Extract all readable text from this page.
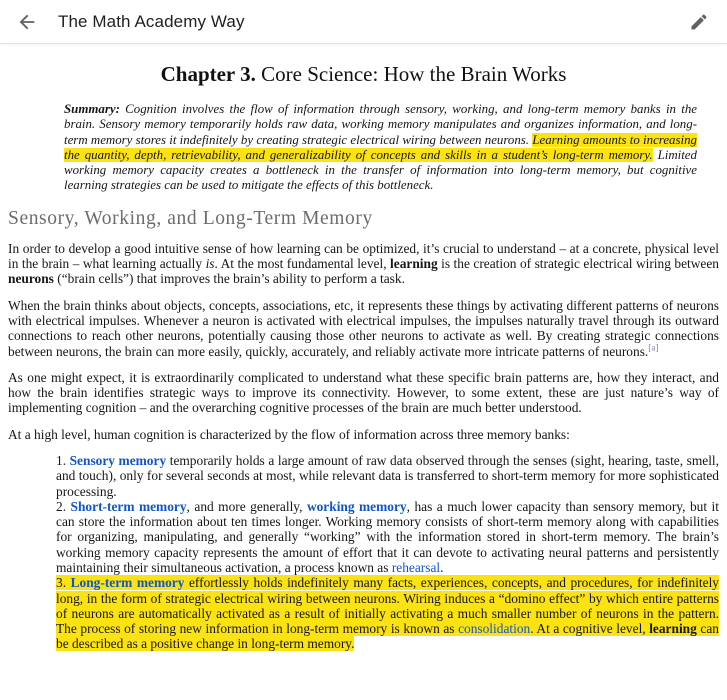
The Math Academy Way
Chapter 3. Core Science: How the Brain Works

Summary: Cognition involves the flow of information through sensory, working, and long-term memory banks in the brain. Sensory memory temporarily holds raw data, working memory manipulates and organizes information, and long-term memory stores it indefinitely by creating strategic electrical wiring between neurons. Learning amounts to increasing the quantity, depth, retrievability, and generalizability of concepts and skills in a student’s long-term memory. Limited working memory capacity creates a bottleneck in the transfer of information into long-term memory, but cognitive learning strategies can be used to mitigate the effects of this bottleneck.

Sensory, Working, and Long-Term Memory

In order to develop a good intuitive sense of how learning can be optimized, it’s crucial to understand – at a concrete, physical level in the brain – what learning actually is. At the most fundamental level, learning is the creation of strategic electrical wiring between neurons (“brain cells”) that improves the brain’s ability to perform a task.

When the brain thinks about objects, concepts, associations, etc, it represents these things by activating different patterns of neurons with electrical impulses. Whenever a neuron is activated with electrical impulses, the impulses naturally travel through its outward connections to reach other neurons, potentially causing those other neurons to activate as well. By creating strategic connections between neurons, the brain can more easily, quickly, accurately, and reliably activate more intricate patterns of neurons.[a]

As one might expect, it is extraordinarily complicated to understand what these specific brain patterns are, how they interact, and how the brain identifies strategic ways to improve its connectivity. However, to some extent, these are just nature’s way of implementing cognition – and the overarching cognitive processes of the brain are much better understood.

At a high level, human cognition is characterized by the flow of information across three memory banks:

1. Sensory memory temporarily holds a large amount of raw data observed through the senses (sight, hearing, taste, smell, and touch), only for several seconds at most, while relevant data is transferred to short-term memory for more sophisticated processing.
2. Short-term memory, and more generally, working memory, has a much lower capacity than sensory memory, but it can store the information about ten times longer. Working memory consists of short-term memory along with capabilities for organizing, manipulating, and generally “working” with the information stored in short-term memory. The brain’s working memory capacity represents the amount of effort that it can devote to activating neural patterns and persistently maintaining their simultaneous activation, a process known as rehearsal.
3. Long-term memory effortlessly holds indefinitely many facts, experiences, concepts, and procedures, for indefinitely long, in the form of strategic electrical wiring between neurons. Wiring induces a “domino effect” by which entire patterns of neurons are automatically activated as a result of initially activating a much smaller number of neurons in the pattern. The process of storing new information in long-term memory is known as consolidation. At a cognitive level, learning can be described as a positive change in long-term memory.
